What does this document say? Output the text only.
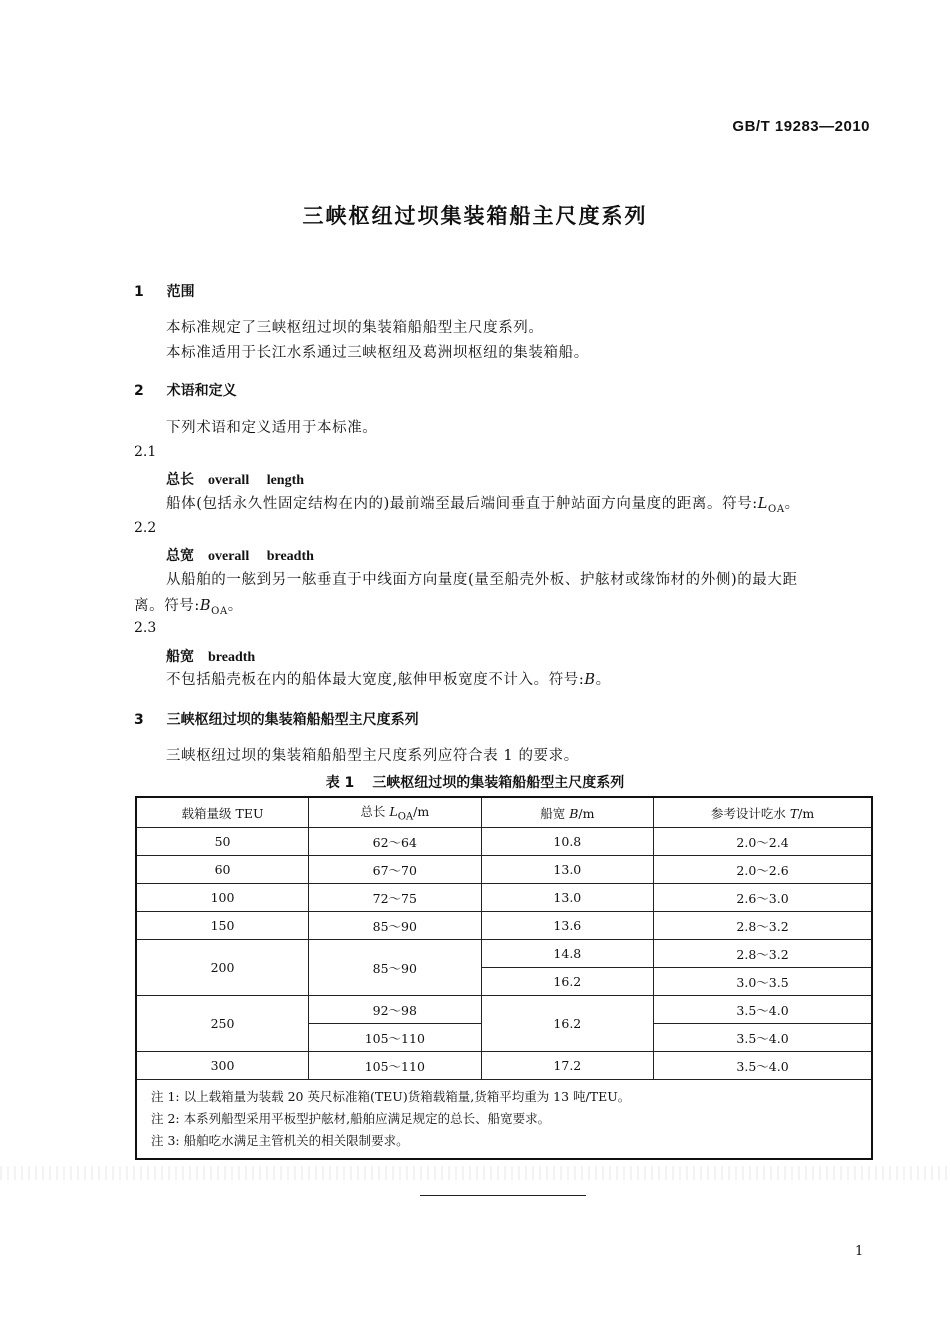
GB/T 19283—2010
三峡枢纽过坝集装箱船主尺度系列
1 范围
本标准规定了三峡枢纽过坝的集装箱船船型主尺度系列。
本标准适用于长江水系通过三峡枢纽及葛洲坝枢纽的集装箱船。
2 术语和定义
下列术语和定义适用于本标准。
2.1
总长 overall length
船体(包括永久性固定结构在内的)最前端至最后端间垂直于舯站面方向量度的距离。符号$:L_{OA}$。
2.2
总宽 overall breadth
从船舶的一舷到另一舷垂直于中线面方向量度(量至船壳外板、护舷材或缘饰材的外侧)的最大距
离。符号$:B_{OA}$。
2.3
船宽 breadth
不包括船壳板在内的船体最大宽度,舷伸甲板宽度不计入。符号:B。
3 三峡枢纽过坝的集装箱船船型主尺度系列
三峡枢纽过坝的集装箱船船型主尺度系列应符合表 1 的要求。
表 1 三峡枢纽过坝的集装箱船船型主尺度系列
载箱量级 TEU	总长 $L_{OA}/m$	船宽 B/m	参考设计吃水 T/m
50	62～64	10.8	2.0～2.4
60	67～70	13.0	2.0～2.6
100	72～75	13.0	2.6～3.0
150	85～90	13.6	2.8～3.2
200	85～90	14.8	2.8～3.2
		16.2	3.0～3.5
250	92～98	16.2	3.5～4.0
	105～110		3.5～4.0
300	105～110	17.2	3.5～4.0

注 1: 以上载箱量为装载 20 英尺标准箱(TEU)货箱载箱量,货箱平均重为 13 吨/TEU。
注 2: 本系列船型采用平板型护舷材,船舶应满足规定的总长、船宽要求。
注 3: 船舶吃水满足主管机关的相关限制要求。			
1
